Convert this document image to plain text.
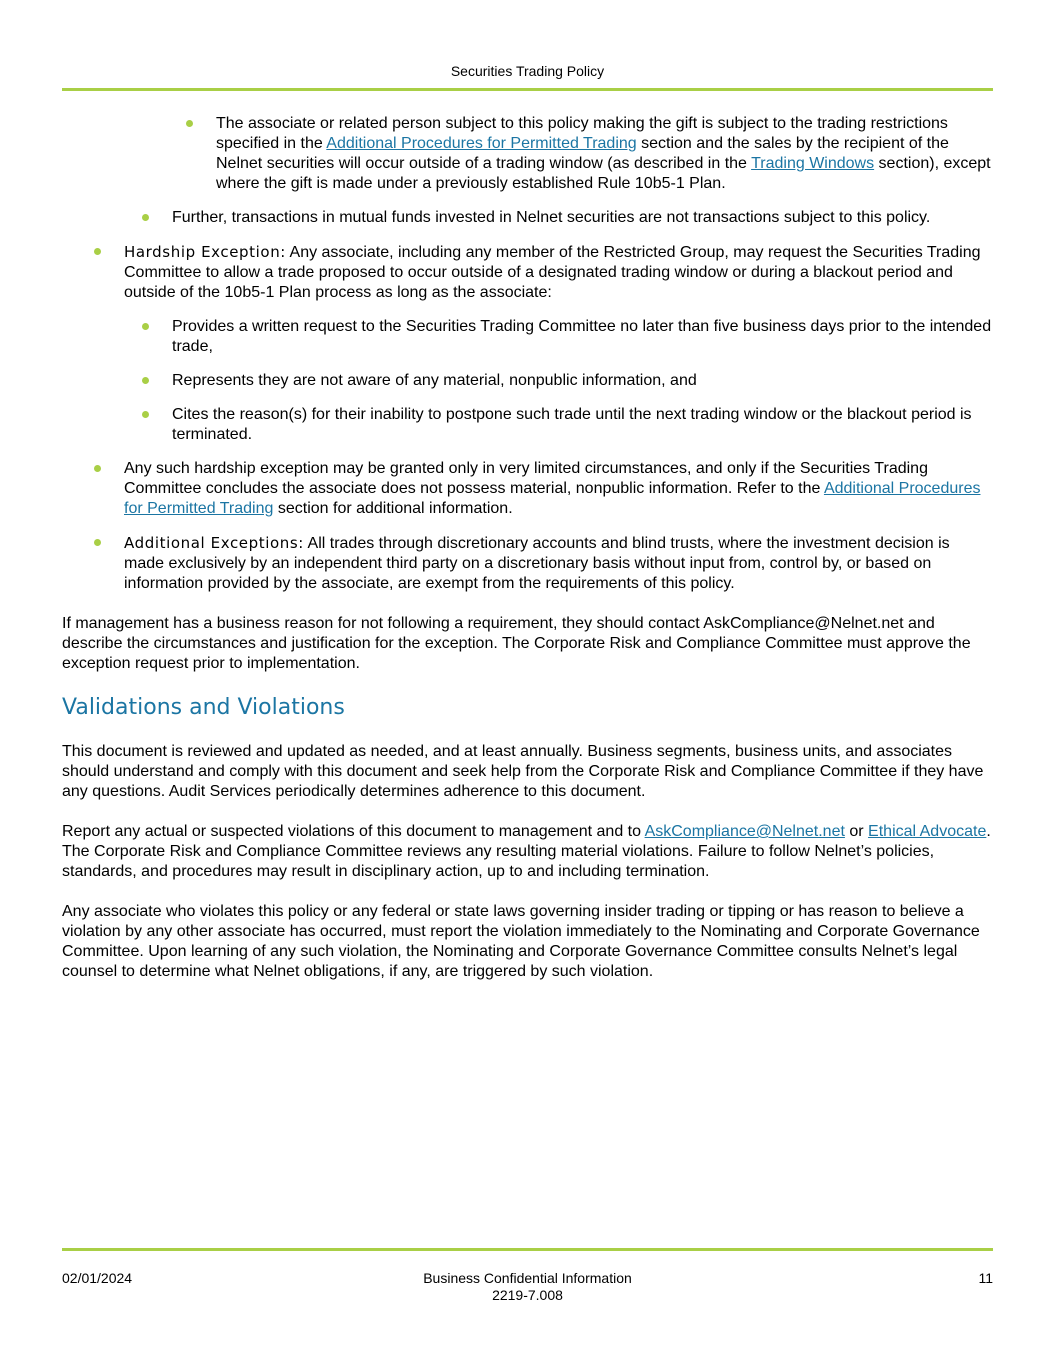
Securities Trading Policy
The associate or related person subject to this policy making the gift is subject to the trading restrictions specified in the Additional Procedures for Permitted Trading section and the sales by the recipient of the Nelnet securities will occur outside of a trading window (as described in the Trading Windows section), except where the gift is made under a previously established Rule 10b5-1 Plan.
Further, transactions in mutual funds invested in Nelnet securities are not transactions subject to this policy.
Hardship Exception: Any associate, including any member of the Restricted Group, may request the Securities Trading Committee to allow a trade proposed to occur outside of a designated trading window or during a blackout period and outside of the 10b5-1 Plan process as long as the associate:
Provides a written request to the Securities Trading Committee no later than five business days prior to the intended trade,
Represents they are not aware of any material, nonpublic information, and
Cites the reason(s) for their inability to postpone such trade until the next trading window or the blackout period is terminated.
Any such hardship exception may be granted only in very limited circumstances, and only if the Securities Trading Committee concludes the associate does not possess material, nonpublic information. Refer to the Additional Procedures for Permitted Trading section for additional information.
Additional Exceptions: All trades through discretionary accounts and blind trusts, where the investment decision is made exclusively by an independent third party on a discretionary basis without input from, control by, or based on information provided by the associate, are exempt from the requirements of this policy.

If management has a business reason for not following a requirement, they should contact AskCompliance@Nelnet.net and describe the circumstances and justification for the exception. The Corporate Risk and Compliance Committee must approve the exception request prior to implementation.

Validations and Violations

This document is reviewed and updated as needed, and at least annually. Business segments, business units, and associates should understand and comply with this document and seek help from the Corporate Risk and Compliance Committee if they have any questions. Audit Services periodically determines adherence to this document.

Report any actual or suspected violations of this document to management and to AskCompliance@Nelnet.net or Ethical Advocate. The Corporate Risk and Compliance Committee reviews any resulting material violations. Failure to follow Nelnet’s policies, standards, and procedures may result in disciplinary action, up to and including termination.

Any associate who violates this policy or any federal or state laws governing insider trading or tipping or has reason to believe a violation by any other associate has occurred, must report the violation immediately to the Nominating and Corporate Governance Committee. Upon learning of any such violation, the Nominating and Corporate Governance Committee consults Nelnet’s legal counsel to determine what Nelnet obligations, if any, are triggered by such violation.

02/01/2024	Business Confidential Information
2219-7.008
11
